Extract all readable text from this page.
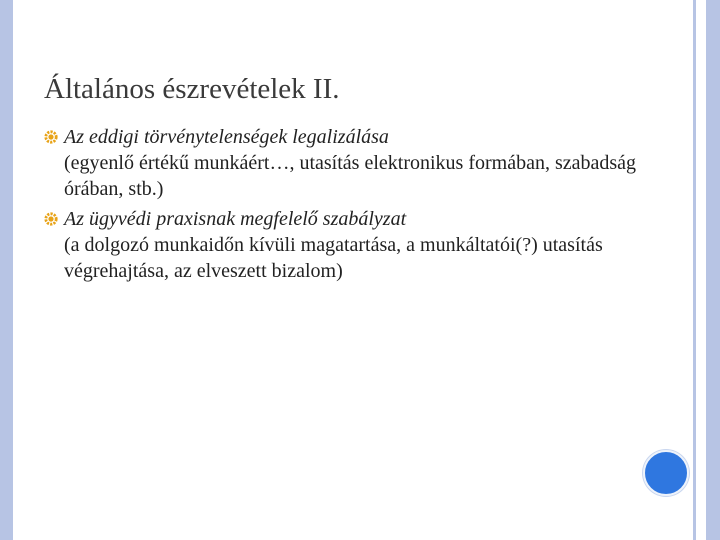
Általános észrevételek II.
Az eddigi törvénytelenségek legalizálása
(egyenlő értékű munkáért…, utasítás elektronikus formában, szabadság órában, stb.)
Az ügyvédi praxisnak megfelelő szabályzat
(a dolgozó munkaidőn kívüli magatartása, a munkáltatói(?) utasítás végrehajtása, az elveszett bizalom)
